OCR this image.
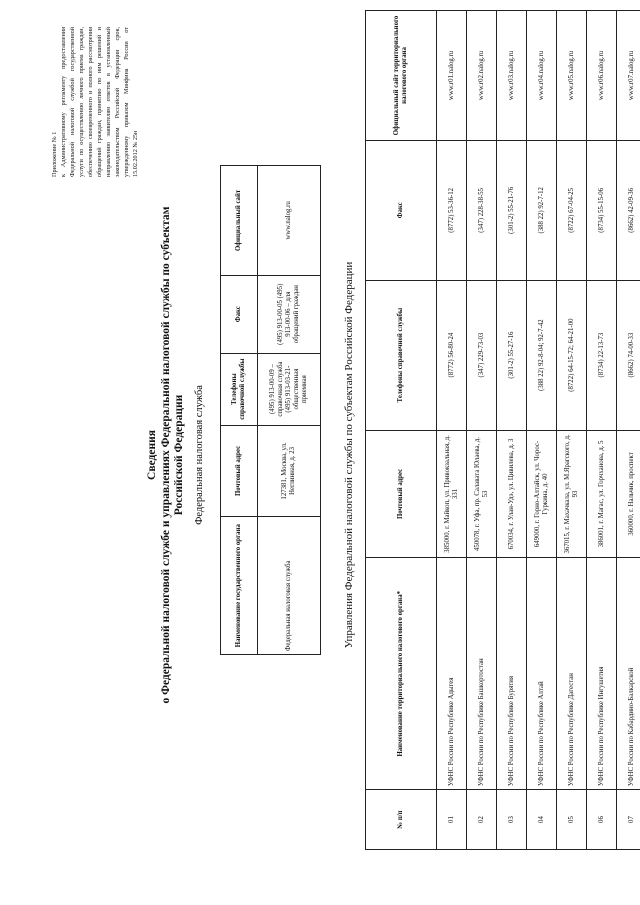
Приложение № 1 к Административному регламенту предоставления Федеральной налоговой службой государственной услуги по осуществлению личного приема граждан, обеспечению своевременного и полного рассмотрения обращений граждан, принятию по ним решений и направлению заявителям ответов в установленный законодательством Российской Федерации срок, утвержденному приказом Минфина России от 15.02.2012 № 25н

Сведения о Федеральной налоговой службе и управлениях Федеральной налоговой службы по субъектам Российской Федерации Федеральная налоговая служба
Наименование государственного органа	Почтовый адрес	Телефоны справочной службы	Факс	Официальный сайт
Федеральная налоговая служба	127381, Москва, ул. Неглинная, д. 23	(495) 913-00-09 – справочная служба (495) 913-03-21- общественная приемная	(495) 913-00-05 (495) 913-00-06 – для обращений граждан	www.nalog.ru
Управления Федеральной налоговой службы по субъектам Российской Федерации
№ п/п	Наименование территориального налогового органа*	Почтовый адрес	Телефоны справочной службы	Факс	Официальный сайт территориального налогового органа
01	УФНС России по Республике Адыгея	385000, г. Майкоп, ул. Привокзальная, д. 331	(8772) 56-80-24	(8772) 53-36-12	www.r01.nalog.ru
02	УФНС России по Республике Башкортостан	450078, г. Уфа, пр. Салавата Юлаева, д. 53	(347) 229-73-03	(347) 228-38-55	www.r02.nalog.ru
03	УФНС России по Республике Бурятия	670034, г. Улан-Удэ, ул. Цивилева, д. 3	(301-2) 55-27-16	(301-2) 55-21-76	www.r03.nalog.ru
04	УФНС России по Республике Алтай	649000, г. Горно-Алтайск, ул. Чорос-Гуркина, д. 40	(388 22) 92-8-04; 92-7-42	(388 22) 92-7-12	www.r04.nalog.ru
05	УФНС России по Республике Дагестан	367015, г. Махачкала, ул. М.Ярагского, д. 93	(8722) 64-15-72; 64-21-00	(8722) 67-04-25	www.r05.nalog.ru
06	УФНС России по Республике Ингушетия	386001, г. Магас, ул. Горчханова, д. 5	(8734) 22-13-73	(8734) 55-15-06	www.r06.nalog.ru
07	УФНС России по Кабардино-Балкарской	360000, г. Нальчик, проспект	(8662) 74-00-33	(8662) 42-09-36	www.r07.nalog.ru
